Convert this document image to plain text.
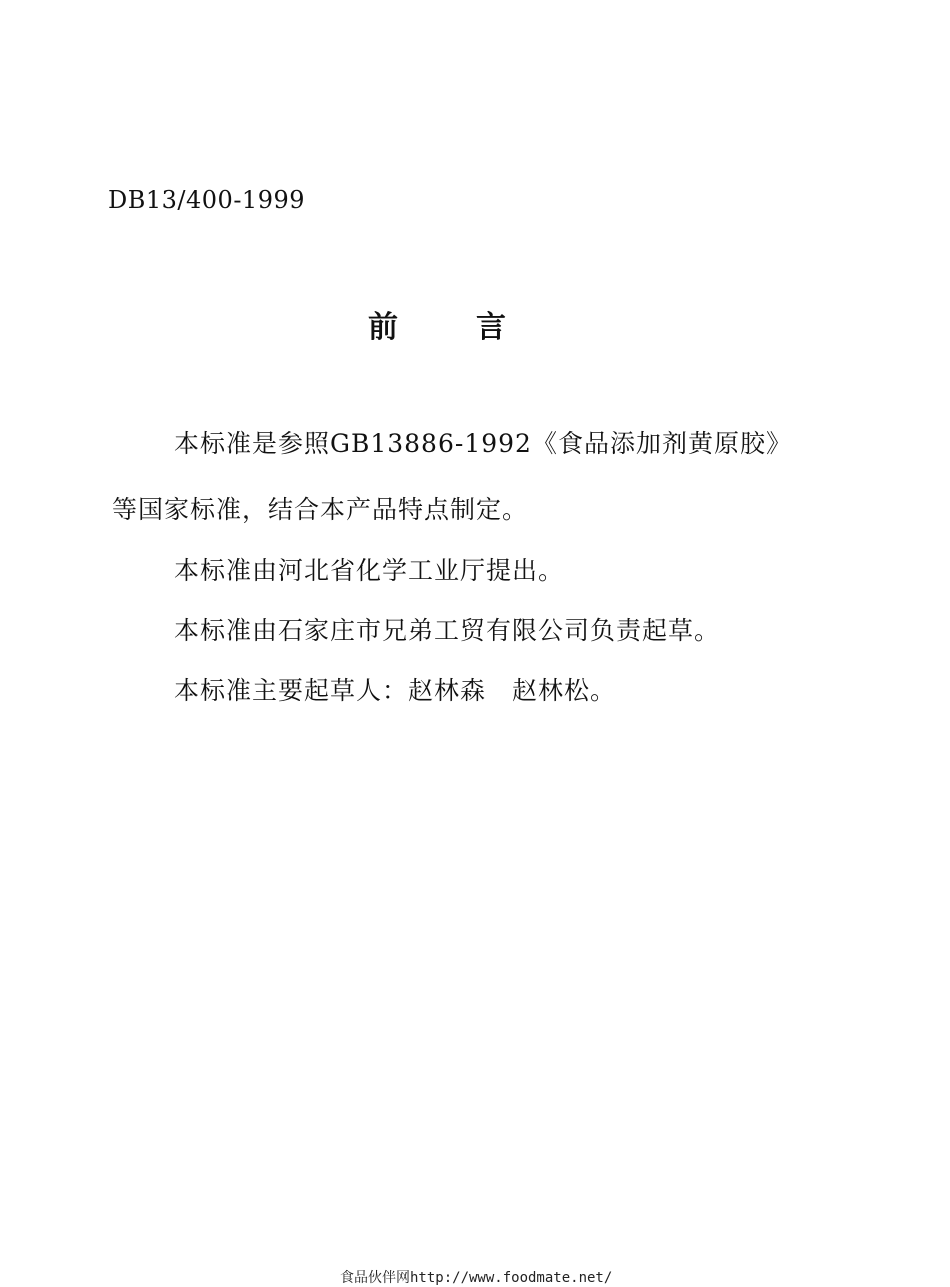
DB13/400-1999
前	言
本标准是参照GB13886-1992《食品添加剂黄原胶》
等国家标准，结合本产品特点制定。
本标准由河北省化学工业厅提出。
本标准由石家庄市兄弟工贸有限公司负责起草。
本标准主要起草人：赵林森　赵林松。
食品伙伴网http://www.foodmate.net/
